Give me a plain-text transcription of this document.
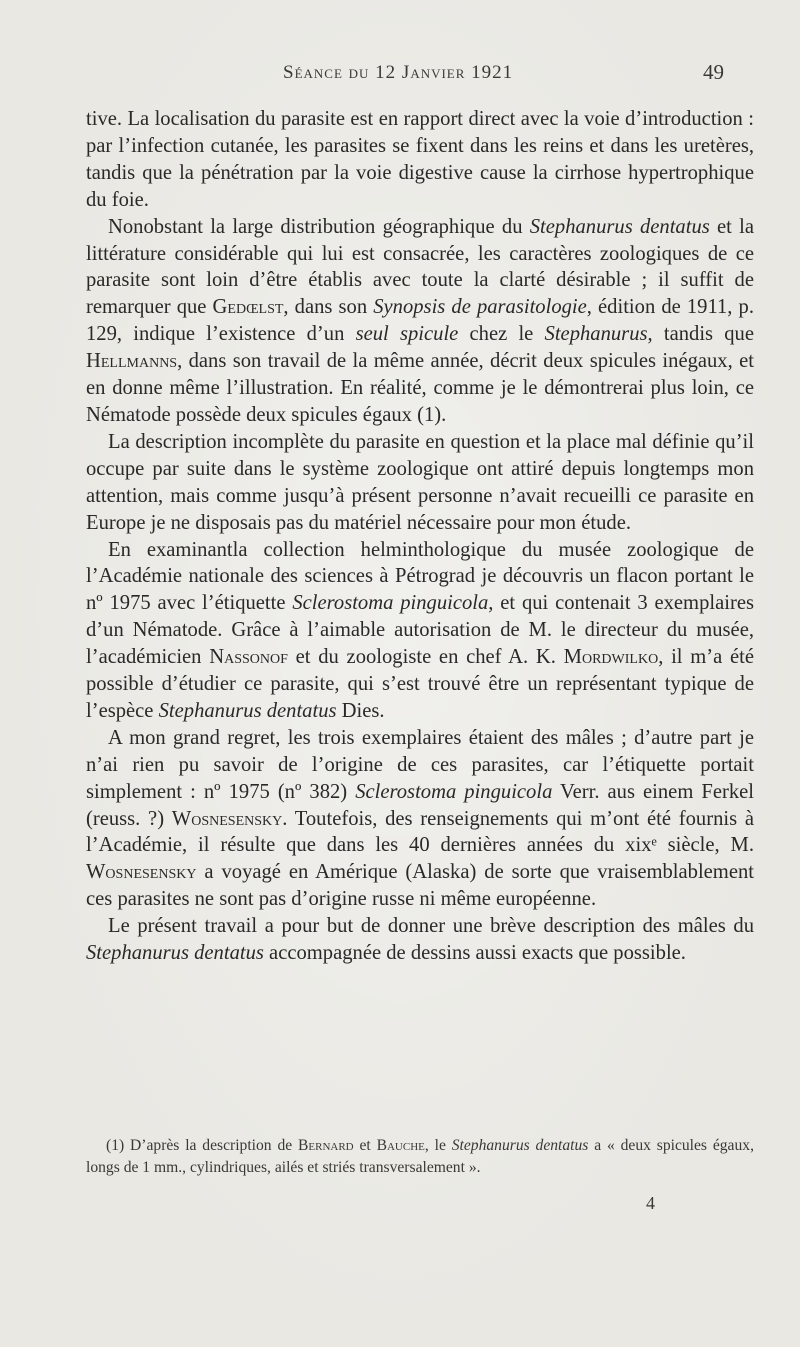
Séance du 12 Janvier 1921	49

tive. La localisation du parasite est en rapport direct avec la voie d’introduction : par l’infection cutanée, les parasites se fixent dans les reins et dans les uretères, tandis que la pénétration par la voie digestive cause la cirrhose hypertrophique du foie.

Nonobstant la large distribution géographique du Stephanurus dentatus et la littérature considérable qui lui est consacrée, les caractères zoologiques de ce parasite sont loin d’être établis avec toute la clarté désirable ; il suffit de remarquer que Gedœlst, dans son Synopsis de parasitologie, édition de 1911, p. 129, indique l’existence d’un seul spicule chez le Stephanurus, tandis que Hellmanns, dans son travail de la même année, décrit deux spicules inégaux, et en donne même l’illustration. En réalité, comme je le démontrerai plus loin, ce Nématode possède deux spicules égaux (1).

La description incomplète du parasite en question et la place mal définie qu’il occupe par suite dans le système zoologique ont attiré depuis longtemps mon attention, mais comme jusqu’à présent personne n’avait recueilli ce parasite en Europe je ne disposais pas du matériel nécessaire pour mon étude.

En examinantla collection helminthologique du musée zoologique de l’Académie nationale des sciences à Pétrograd je découvris un flacon portant le nº 1975 avec l’étiquette Sclerostoma pinguicola, et qui contenait 3 exemplaires d’un Nématode. Grâce à l’aimable autorisation de M. le directeur du musée, l’académicien Nassonof et du zoologiste en chef A. K. Mordwilko, il m’a été possible d’étudier ce parasite, qui s’est trouvé être un représentant typique de l’espèce Stephanurus dentatus Dies.

A mon grand regret, les trois exemplaires étaient des mâles ; d’autre part je n’ai rien pu savoir de l’origine de ces parasites, car l’étiquette portait simplement : nº 1975 (nº 382) Sclerostoma pinguicola Verr. aus einem Ferkel (reuss. ?) Wosnesensky. Toutefois, des renseignements qui m’ont été fournis à l’Académie, il résulte que dans les 40 dernières années du xixᵉ siècle, M. Wosnesensky a voyagé en Amérique (Alaska) de sorte que vraisemblablement ces parasites ne sont pas d’origine russe ni même européenne.

Le présent travail a pour but de donner une brève description des mâles du Stephanurus dentatus accompagnée de dessins aussi exacts que possible.

(1) D’après la description de Bernard et Bauche, le Stephanurus dentatus a « deux spicules égaux, longs de 1 mm., cylindriques, ailés et striés transversalement ».

4
